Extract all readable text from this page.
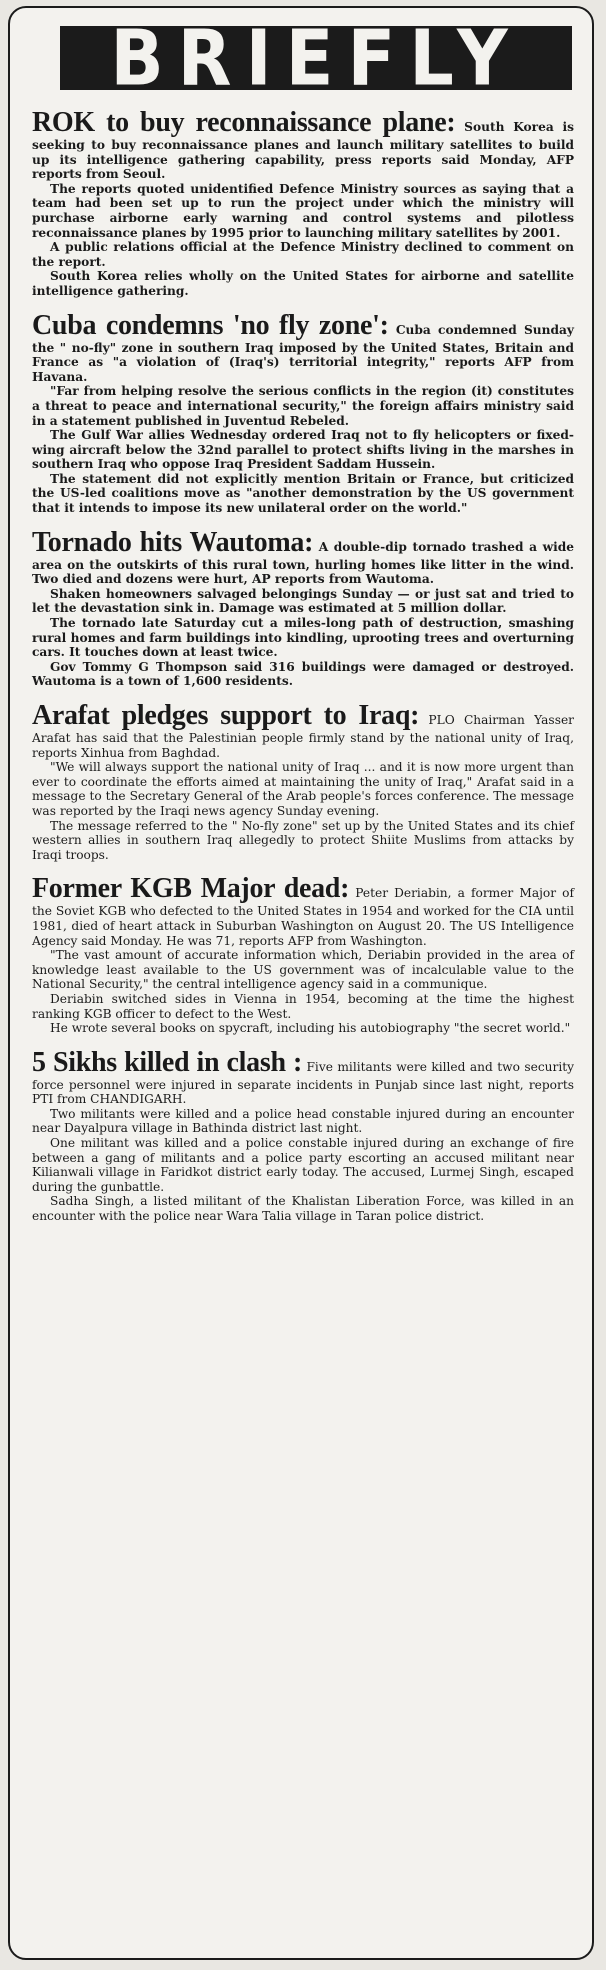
BRIEFLY

ROK to buy reconnaissance plane: South Korea is seeking to buy reconnaissance planes and launch military satellites to build up its intelligence gathering capability, press reports said Monday, AFP reports from Seoul.

The reports quoted unidentified Defence Ministry sources as saying that a team had been set up to run the project under which the ministry will purchase airborne early warning and control systems and pilotless reconnaissance planes by 1995 prior to launching military satellites by 2001.

A public relations official at the Defence Ministry declined to comment on the report.

South Korea relies wholly on the United States for airborne and satellite intelligence gathering.

Cuba condemns 'no fly zone': Cuba condemned Sunday the " no-fly" zone in southern Iraq imposed by the United States, Britain and France as "a violation of (Iraq's) territorial integrity," reports AFP from Havana.

"Far from helping resolve the serious conflicts in the region (it) constitutes a threat to peace and international security," the foreign affairs ministry said in a statement published in Juventud Rebeled.

The Gulf War allies Wednesday ordered Iraq not to fly helicopters or fixed-wing aircraft below the 32nd parallel to protect shifts living in the marshes in southern Iraq who oppose Iraq President Saddam Hussein.

The statement did not explicitly mention Britain or France, but criticized the US-led coalitions move as "another demonstration by the US government that it intends to impose its new unilateral order on the world."

Tornado hits Wautoma: A double-dip tornado trashed a wide area on the outskirts of this rural town, hurling homes like litter in the wind. Two died and dozens were hurt, AP reports from Wautoma.

Shaken homeowners salvaged belongings Sunday — or just sat and tried to let the devastation sink in. Damage was estimated at 5 million dollar.

The tornado late Saturday cut a miles-long path of destruction, smashing rural homes and farm buildings into kindling, uprooting trees and overturning cars. It touches down at least twice.

Gov Tommy G Thompson said 316 buildings were damaged or destroyed. Wautoma is a town of 1,600 residents.

Arafat pledges support to Iraq: PLO Chairman Yasser Arafat has said that the Palestinian people firmly stand by the national unity of Iraq, reports Xinhua from Baghdad.

"We will always support the national unity of Iraq ... and it is now more urgent than ever to coordinate the efforts aimed at maintaining the unity of Iraq," Arafat said in a message to the Secretary General of the Arab people's forces conference. The message was reported by the Iraqi news agency Sunday evening.

The message referred to the " No-fly zone" set up by the United States and its chief western allies in southern Iraq allegedly to protect Shiite Muslims from attacks by Iraqi troops.

Former KGB Major dead: Peter Deriabin, a former Major of the Soviet KGB who defected to the United States in 1954 and worked for the CIA until 1981, died of heart attack in Suburban Washington on August 20. The US Intelligence Agency said Monday. He was 71, reports AFP from Washington.

"The vast amount of accurate information which, Deriabin provided in the area of knowledge least available to the US government was of incalculable value to the National Security," the central intelligence agency said in a communique.

Deriabin switched sides in Vienna in 1954, becoming at the time the highest ranking KGB officer to defect to the West.

He wrote several books on spycraft, including his autobiography "the secret world."

5 Sikhs killed in clash : Five militants were killed and two security force personnel were injured in separate incidents in Punjab since last night, reports PTI from CHANDIGARH.

Two militants were killed and a police head constable injured during an encounter near Dayalpura village in Bathinda district last night.

One militant was killed and a police constable injured during an exchange of fire between a gang of militants and a police party escorting an accused militant near Kilianwali village in Faridkot district early today. The accused, Lurmej Singh, escaped during the gunbattle.

Sadha Singh, a listed militant of the Khalistan Liberation Force, was killed in an encounter with the police near Wara Talia village in Taran police district.
